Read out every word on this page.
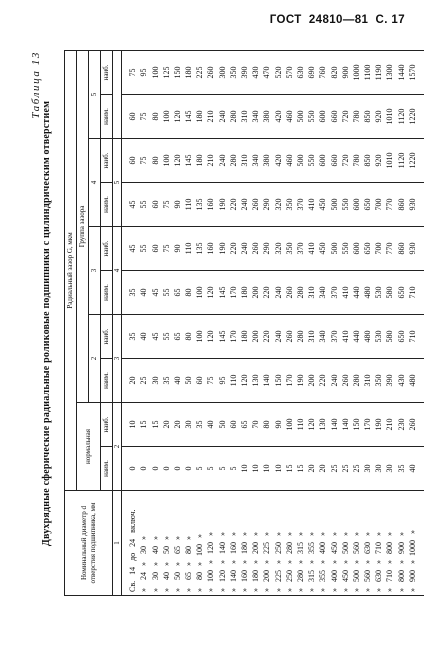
ГОСТ  24810—81  С. 17
Таблица 13
Двухрядные сферические радиальные роликовые подшипники с цилиндрическим отверстием	Номинальный диаметр d отверстия подшипника, мм	Радиальный зазор G, мкм									
	нормальная		Группа зазора							
			2		3		4		5	
	наим.	наиб.	наим.	наиб.	наим.	наиб.	наим.	наиб.	наим.	наиб.
1	2		3		4		5			

Св.   14   до   24   включ.	0	10	20	35	35	45	45	60	60	75
»    24   »    30   »	0	15	25	40	40	55	55	75	75	95
»    30   »    40   »	0	15	30	45	45	60	60	80	80	100
»    40   »    50   »	0	20	35	55	55	75	75	100	100	125
»    50   »    65   »	0	20	40	65	65	90	90	120	120	150
»    65   »    80   »	0	30	50	80	80	110	110	145	145	180
»    80   »   100   »	5	35	60	100	100	135	135	180	180	225
»   100   »   120   »	5	40	75	120	120	160	160	210	210	260
»   120   »   140   »	5	50	95	145	145	190	190	240	240	300
»   140   »   160   »	5	60	110	170	170	220	220	280	280	350
»   160   »   180   »	10	65	120	180	180	240	240	310	310	390
»   180   »   200   »	10	70	130	200	200	260	260	340	340	430
»   200   »   225   »	10	80	140	220	220	290	290	380	380	470
»   225   »   250   »	10	90	150	240	240	320	320	420	420	520
»   250   »   280   »	15	100	170	260	260	350	350	460	460	570
»   280   »   315   »	15	110	190	280	280	370	370	500	500	630
»   315   »   355   »	20	120	200	310	310	410	410	550	550	690
»   355   »   400   »	20	130	220	340	340	450	450	600	600	760
»   400   »   450   »	25	140	240	370	370	500	500	660	660	820
»   450   »   500   »	25	140	260	410	410	550	550	720	720	900
»   500   »   560   »	25	150	280	440	440	600	600	780	780	1000
»   560   »   630   »	30	170	310	480	480	650	650	850	850	1100
»   630   »   710   »	30	190	350	530	530	700	700	920	920	1190
»   710   »   800   »	30	210	390	580	580	770	770	1010	1010	1300
»   800   »   900   »	35	230	430	650	650	860	860	1120	1120	1440
»   900   »  1000   »	40	260	480	710	710	930	930	1220	1220	1570
